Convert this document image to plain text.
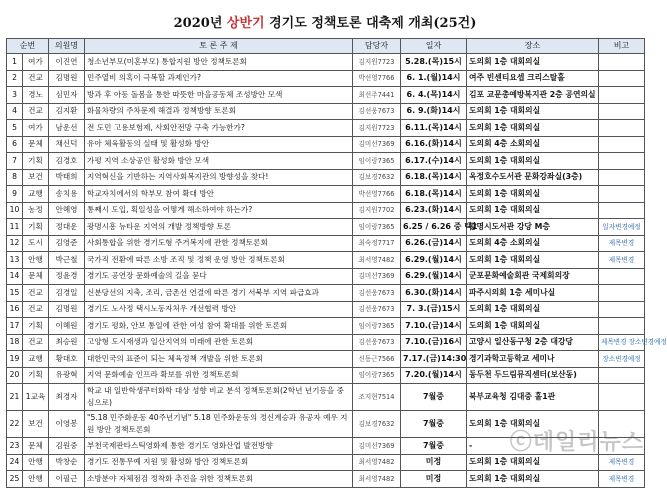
2020년 상반기 경기도 정책토론 대축제 개최(25건)
순번		의원명	토 론 주 제	담당자	일자	장소	비고
1	여가	이진연	청소년부모(미혼부모) 통합지원 방안 정책토론회	김지원7723	5.28.(목)15시	도의회 1층 대회의실	
2	건교	김명원	민주열비 의혹이 극복할 과제인가?	박선영7766	6. 1.(월)14시	여주 빈센티요셉 크리스탈홀	
3	경노	심민자	방과 후 아동 돌봄을 통한 따뜻한 마을공동체 조성방안 모색	최선주7441	6. 4.(목)14시	김포 교문총예방복지관 2층 공연의실	
4	건교	김지환	화물차량의 주차문제 해결과 정책방향 토론회	김선웅7673	6. 9.(화)14시	도의회 1층 대회의실	
5	여가	남운선	전 도민 고용보험제, 사회안전망 구축 가능한가?	김지원7723	6.11.(목)14시	도의회 1층 대회의실	
6	문체	채신덕	유아 체육활동의 실태 및 활성화 방안	김미선7369	6.16.(화)14시	도의회 4층 소회의실	
7	기획	김경호	가평 지역 소상공인 활성화 방안 모색	임이랑7365	6.17.(수)14시	도의회 1층 대회의실	
8	보건	박태희	지역혁신을 기반하는 지역사회복지관의 방향성을 찾다!	김보경7632	6.18.(목)14시	옥정호수도서관 문화강좌실(3층)	
9	교행	송치용	학교자치에서의 학부모 참여 확대 방안	박선영7766	6.18.(목)14시	도의회 1층 대회의실	
10	농정	안혜영	통째시 도입, 획일성을 어떻게 해소하여야 하는가?	김지원7702	6.23.(화)14시	도의회 1층 대회의실	
11	기획	정대운	광명시흥 뉴타운 지역의 개발 정책방향 토론	임이랑7365	6.25 / 6.26 중 택1	광명시도서관 강당 M층	일자변경예정
12	도시	김영준	사회통합을 위한 경기도형 주거복지에 관한 정책토론회	최숙정7717	6.26.(금)14시	도의회 4층 소회의실	제목변경
13	안행	박근철	국가직 전환에 따른 소방 조직 및 정책 운영 방안 정책토론회	최서영7482	6.29.(월)14시	도의회 1층 대회의실	제목변경
14	문체	정윤경	경기도 공연장 문화예술의 길을 묻다	김미선7369	6.29.(월)14시	군포문화예술회관 국제회의장	
15	건교	김경일	신분당선의 지축, 조리, 금촌선 연결에 따른 경기 서북부 지역 파급효과	김선웅7673	6.30.(화)14시	파주시의회 1층 세미나실	
16	건교	김명원	경기도 노사정 택시노동자처우 개선협력 방안	김선웅7673	7. 3.(금)15시	도의회 1층 대회의실	
17	기획	이혜원	경기도 평화, 안보 통일에 관한 여성 참여 확대를 위한 토론회	임이랑7365	7.10.(금)14시	도의회 1층 대회의실	
18	건교	최승원	고양형 도시재생과 일산지역의 미래에 관한 토론회	김선웅7673	7.10.(금)16시	고양시 일산동구청 2층 대강당	제목변경 장소변경예정
19	교행	황대호	대한민국의 표준이 되는 체육정책 개발을 위한 토론회	신동근7566	7.17.(금)14:30	경기과학고등학교 세미나	장소변경예정
20	기획	유광혁	지역 문화예술 인프라 확보를 위한 정책토론회	임이랑7365	7.20.(월)14시	동두천 두드림뮤직센터(보산동)	
21	1교육	최경자	학교 내 일반학생쿠터화학 대상 성향 비교 분석 정책토론회(2학년 년기등을 중심으로)	조지현7514	7월중	북부교육청 김대중 홀1관	
22	보건	이영봉	"5.18 민주화운동 40주년기념" 5.18 민주화운동의 정신계승과 유공자 예우 지원 방안 정책토론회	김보경7632	7월중	도의회 1층 대회의실	
23	문체	김원중	부천국제판타스틱영화제 통한 경기도 영화산업 발전방향	김미선7369	7월중	-	
24	안행	박창순	경기도 전통무예 지원 및 활성화 방안 정책토론회	최서영7482	미정	도의회 1층 대회의실	제목변경
25	안행	이필근	소방분야 자체점검 정착화 추진을 위한 정책토론회	최서영7482	미정	도의회 1층 대회의실	제목변경
ⓒ데일리뉴스
